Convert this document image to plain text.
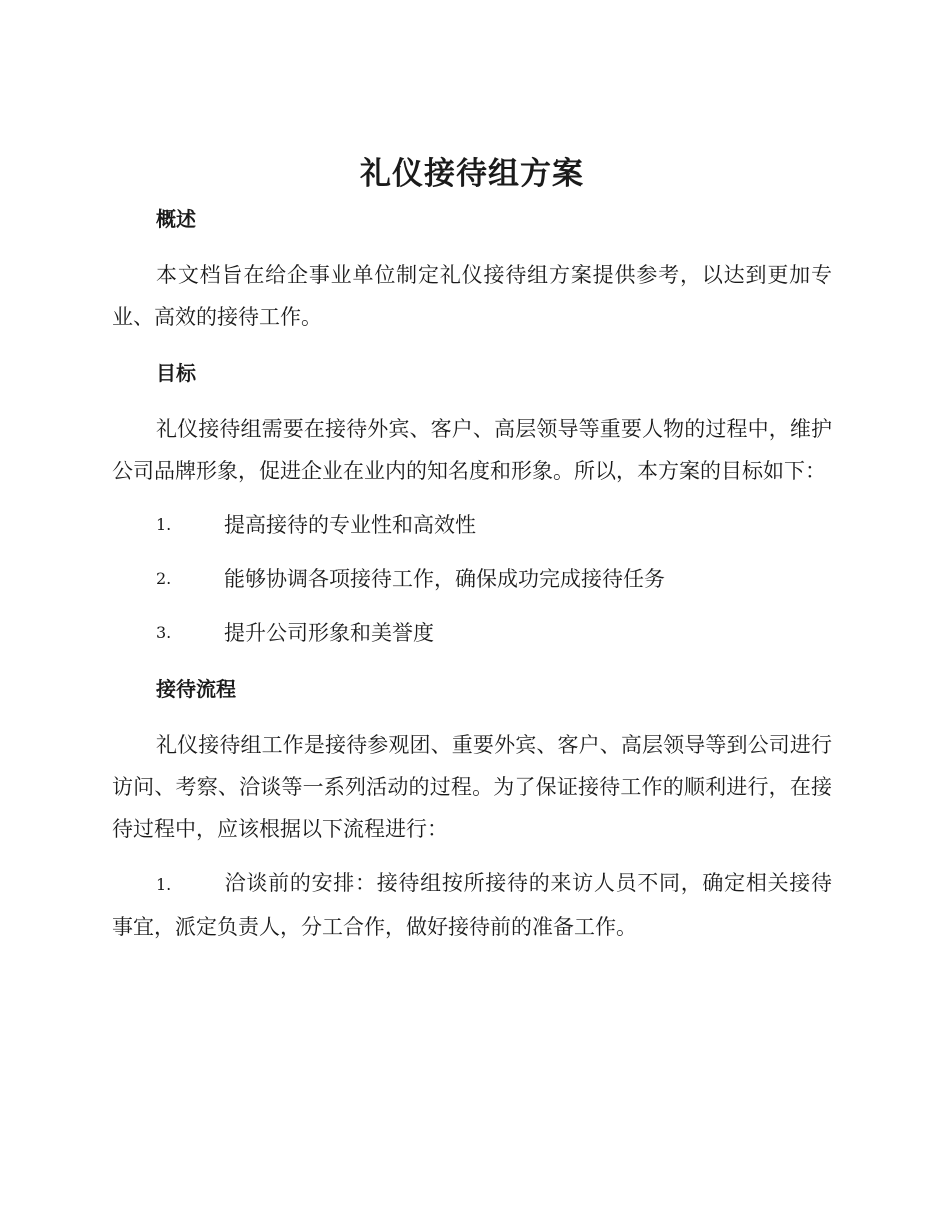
礼仪接待组方案
概述

本文档旨在给企事业单位制定礼仪接待组方案提供参考，以达到更加专业、高效的接待工作。

目标

礼仪接待组需要在接待外宾、客户、高层领导等重要人物的过程中，维护公司品牌形象，促进企业在业内的知名度和形象。所以，本方案的目标如下：

1.	提高接待的专业性和高效性
2.	能够协调各项接待工作，确保成功完成接待任务
3.	提升公司形象和美誉度
接待流程

礼仪接待组工作是接待参观团、重要外宾、客户、高层领导等到公司进行访问、考察、洽谈等一系列活动的过程。为了保证接待工作的顺利进行，在接待过程中，应该根据以下流程进行：

1.	洽谈前的安排：接待组按所接待的来访人员不同，确定相关接待事宜，派定负责人，分工合作，做好接待前的准备工作。
